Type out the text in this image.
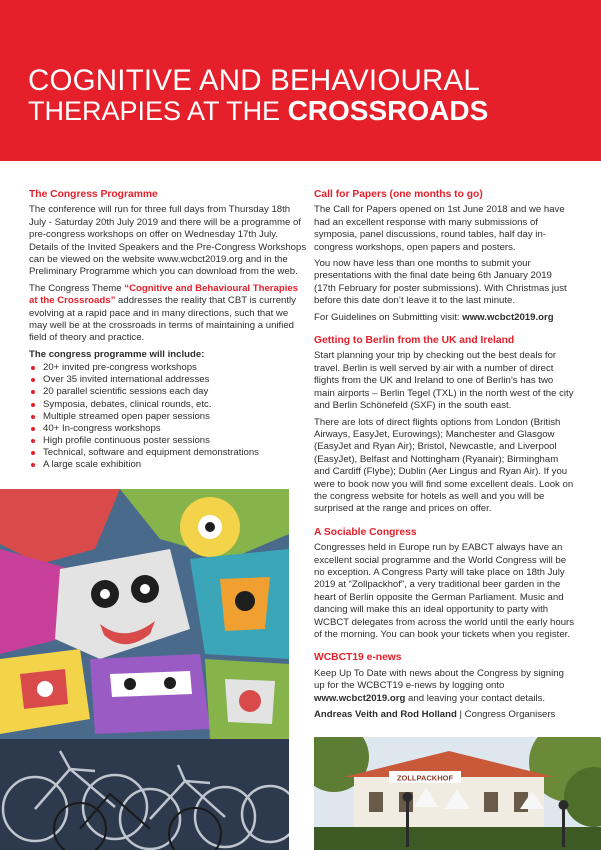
COGNITIVE AND BEHAVIOURAL
THERAPIES AT THE CROSSROADS
The Congress Programme

The conference will run for three full days from Thursday 18th July - Saturday 20th July 2019 and there will be a programme of pre-congress workshops on offer on Wednesday 17th July. Details of the Invited Speakers and the Pre-Congress Workshops can be viewed on the website www.wcbct2019.org and in the Preliminary Programme which you can download from the web.

The Congress Theme “Cognitive and Behavioural Therapies at the Crossroads” addresses the reality that CBT is currently evolving at a rapid pace and in many directions, such that we may well be at the crossroads in terms of maintaining a unified field of theory and practice.

The congress programme will include:
20+ invited pre-congress workshops
Over 35 invited international addresses
20 parallel scientific sessions each day
Symposia, debates, clinical rounds, etc.
Multiple streamed open paper sessions
40+ In-congress workshops
High profile continuous poster sessions
Technical, software and equipment demonstrations
A large scale exhibition
Call for Papers (one months to go)

The Call for Papers opened on 1st June 2018 and we have had an excellent response with many submissions of symposia, panel discussions, round tables, half day in-congress workshops, open papers and posters.

You now have less than one months to submit your presentations with the final date being 6th January 2019 (17th February for poster submissions). With Christmas just before this date don’t leave it to the last minute.

For Guidelines on Submitting visit: www.wcbct2019.org

Getting to Berlin from the UK and Ireland

Start planning your trip by checking out the best deals for travel. Berlin is well served by air with a number of direct flights from the UK and Ireland to one of Berlin’s has two main airports – Berlin Tegel (TXL) in the north west of the city and Berlin Schönefeld (SXF) in the south east.

There are lots of direct flights options from London (British Airways, EasyJet, Eurowings); Manchester and Glasgow (EasyJet and Ryan Air); Bristol, Newcastle, and Liverpool (EasyJet), Belfast and Nottingham (Ryanair); Birmingham and Cardiff (Flybe); Dublin (Aer Lingus and Ryan Air). If you were to book now you will find some excellent deals. Look on the congress website for hotels as well and you will be surprised at the range and prices on offer.

A Sociable Congress

Congresses held in Europe run by EABCT always have an excellent social programme and the World Congress will be no exception. A Congress Party will take place on 18th July 2019 at “Zollpackhof”, a very traditional beer garden in the heart of Berlin opposite the German Parliament. Music and dancing will make this an ideal opportunity to party with WCBCT delegates from across the world until the early hours of the morning. You can book your tickets when you register.

WCBCT19 e-news

Keep Up To Date with news about the Congress by signing up for the WCBCT19 e-news by logging onto www.wcbct2019.org and leaving your contact details.

Andreas Veith and Rod Holland | Congress Organisers

ZOLLPACKHOF
